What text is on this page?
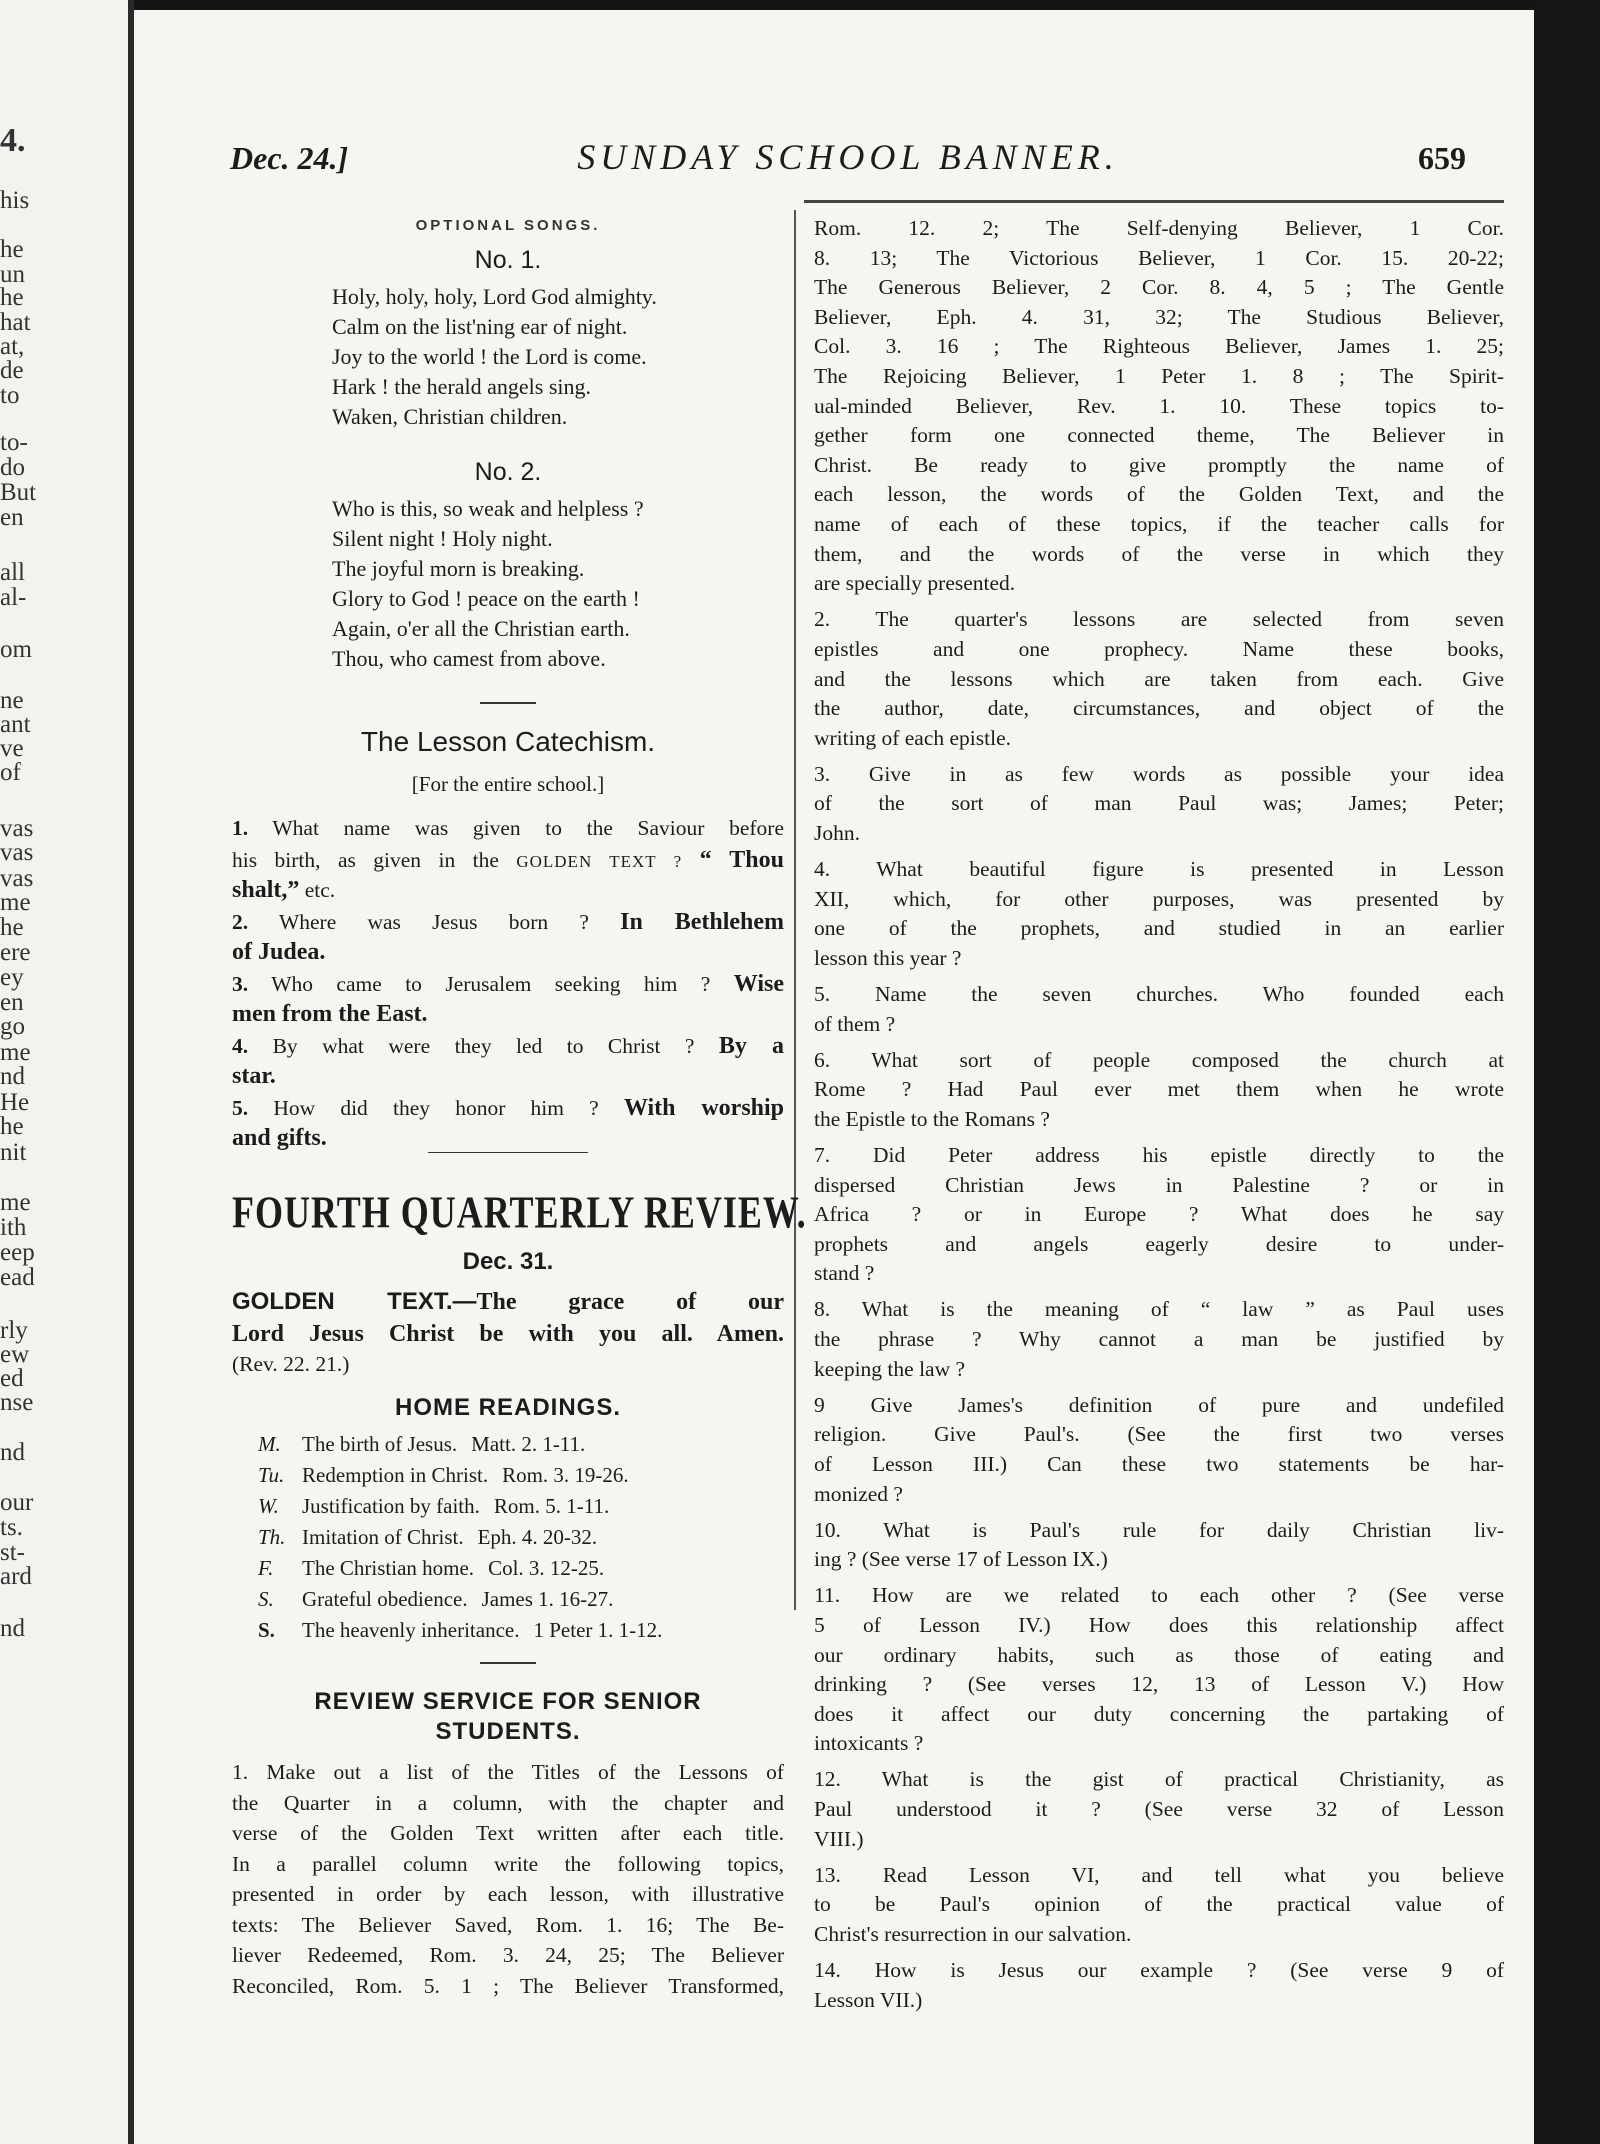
4.
his
he
un
he
hat
at,
de
to
to-
do
But
en
all
al-
om
ne
ant
ve
of
vas
vas
vas
me
he
ere
ey
en
go
me
nd
He
he
nit
me
ith
eep
ead
rly
ew
ed
nse
nd
our
ts.
st-
ard
nd
Dec. 24.]	SUNDAY SCHOOL BANNER.	659
OPTIONAL SONGS.
No. 1.
Holy, holy, holy, Lord God almighty.
Calm on the list'ning ear of night.
Joy to the world ! the Lord is come.
Hark ! the herald angels sing.
Waken, Christian children.
No. 2.
Who is this, so weak and helpless ?
Silent night ! Holy night.
The joyful morn is breaking.
Glory to God ! peace on the earth !
Again, o'er all the Christian earth.
Thou, who camest from above.
The Lesson Catechism.
[For the entire school.]
1. What name was given to the Saviour before
his birth, as given in the GOLDEN TEXT ? “ Thou
shalt,” etc.
2. Where was Jesus born ? In Bethlehem
of Judea.
3. Who came to Jerusalem seeking him ? Wise
men from the East.
4. By what were they led to Christ ? By a
star.
5. How did they honor him ? With worship
and gifts.
FOURTH QUARTERLY REVIEW.
Dec. 31.
GOLDEN TEXT.—The grace of our
Lord Jesus Christ be with you all. Amen.
(Rev. 22. 21.)
HOME READINGS.
M. The birth of Jesus. Matt. 2. 1-11.
Tu. Redemption in Christ. Rom. 3. 19-26.
W. Justification by faith. Rom. 5. 1-11.
Th. Imitation of Christ. Eph. 4. 20-32.
F. The Christian home. Col. 3. 12-25.
S. Grateful obedience. James 1. 16-27.
S. The heavenly inheritance. 1 Peter 1. 1-12.
REVIEW SERVICE FOR SENIOR
STUDENTS.
1. Make out a list of the Titles of the Lessons of
the Quarter in a column, with the chapter and
verse of the Golden Text written after each title.
In a parallel column write the following topics,
presented in order by each lesson, with illustrative
texts: The Believer Saved, Rom. 1. 16; The Be-
liever Redeemed, Rom. 3. 24, 25; The Believer
Reconciled, Rom. 5. 1 ; The Believer Transformed,
Rom. 12. 2; The Self-denying Believer, 1 Cor.
8. 13; The Victorious Believer, 1 Cor. 15. 20-22;
The Generous Believer, 2 Cor. 8. 4, 5 ; The Gentle
Believer, Eph. 4. 31, 32; The Studious Believer,
Col. 3. 16 ; The Righteous Believer, James 1. 25;
The Rejoicing Believer, 1 Peter 1. 8 ; The Spirit-
ual-minded Believer, Rev. 1. 10. These topics to-
gether form one connected theme, The Believer in
Christ. Be ready to give promptly the name of
each lesson, the words of the Golden Text, and the
name of each of these topics, if the teacher calls for
them, and the words of the verse in which they
are specially presented.
2. The quarter's lessons are selected from seven
epistles and one prophecy. Name these books,
and the lessons which are taken from each. Give
the author, date, circumstances, and object of the
writing of each epistle.
3. Give in as few words as possible your idea
of the sort of man Paul was; James; Peter;
John.
4. What beautiful figure is presented in Lesson
XII, which, for other purposes, was presented by
one of the prophets, and studied in an earlier
lesson this year ?
5. Name the seven churches. Who founded each
of them ?
6. What sort of people composed the church at
Rome ? Had Paul ever met them when he wrote
the Epistle to the Romans ?
7. Did Peter address his epistle directly to the
dispersed Christian Jews in Palestine ? or in
Africa ? or in Europe ? What does he say
prophets and angels eagerly desire to under-
stand ?
8. What is the meaning of “ law ” as Paul uses
the phrase ? Why cannot a man be justified by
keeping the law ?
9 Give James's definition of pure and undefiled
religion. Give Paul's. (See the first two verses
of Lesson III.) Can these two statements be har-
monized ?
10. What is Paul's rule for daily Christian liv-
ing ? (See verse 17 of Lesson IX.)
11. How are we related to each other ? (See verse
5 of Lesson IV.) How does this relationship affect
our ordinary habits, such as those of eating and
drinking ? (See verses 12, 13 of Lesson V.) How
does it affect our duty concerning the partaking of
intoxicants ?
12. What is the gist of practical Christianity, as
Paul understood it ? (See verse 32 of Lesson
VIII.)
13. Read Lesson VI, and tell what you believe
to be Paul's opinion of the practical value of
Christ's resurrection in our salvation.
14. How is Jesus our example ? (See verse 9 of
Lesson VII.)
